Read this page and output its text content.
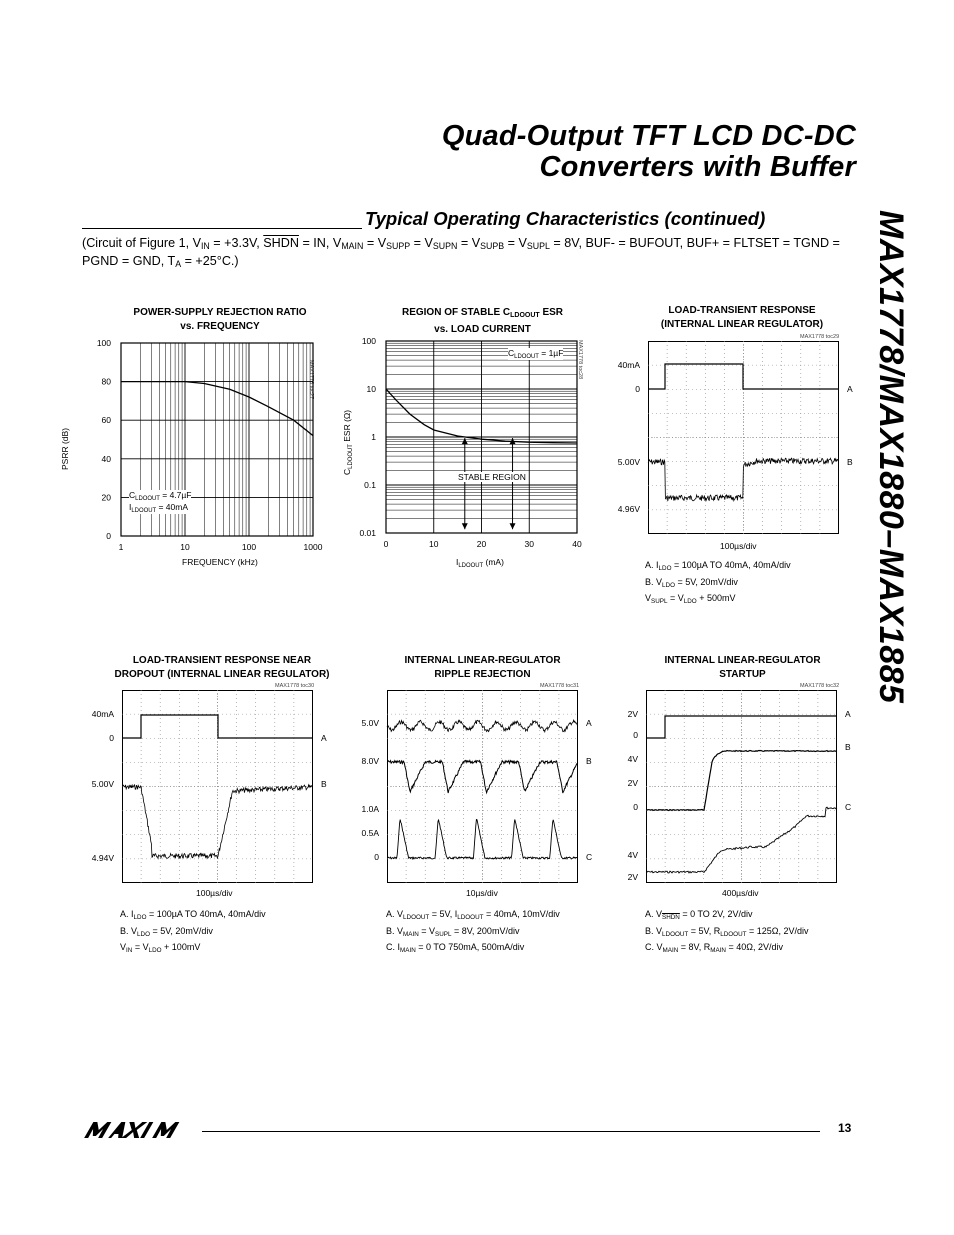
Quad-Output TFT LCD DC-DC
Converters with Buffer
MAX1778/MAX1880–MAX1885
Typical Operating Characteristics (continued)
(Circuit of Figure 1, $V_{IN} = +3.3V$, SHDN = IN, $V_{MAIN} = V_{SUPP} = V_{SUPN} = V_{SUPB} = V_{SUPL} = 8V$, BUF- = BUFOUT, BUF+ = FLTSET = TGND = PGND = GND, $T_A = +25^\circ C$.)
POWER-SUPPLY REJECTION RATIO
vs. FREQUENCY
MAX1778 toc27
1	10	100	1000
0
20
40
60
80
100
PSRR (dB)
FREQUENCY (kHz)
$C_{LDOOUT} = 4.7\mu F$
$I_{LDOOUT} = 40mA$
REGION OF STABLE $C_{LDOOUT}$ ESR
vs. LOAD CURRENT
MAX1778 toc28
0	10	20	30	40
0.01
0.1
1
10
100
$C_{LDOOUT}$ ESR (Ω)
$I_{LDOOUT}$ (mA)
$C_{LDOOUT} = 1\mu F$
STABLE REGION
LOAD-TRANSIENT RESPONSE
(INTERNAL LINEAR REGULATOR)
MAX1778 toc29
40mA
0
5.00V
4.96V
A
B
100µs/div
A. $I_{LDO} = 100\mu A$ TO 40mA, 40mA/div
B. $V_{LDO} = 5V$, 20mV/div
$V_{SUPL} = V_{LDO} + 500mV$
LOAD-TRANSIENT RESPONSE NEAR
DROPOUT (INTERNAL LINEAR REGULATOR)
MAX1778 toc30
40mA
0
5.00V
4.94V
A
B
100µs/div
A. $I_{LDO} = 100\mu A$ TO 40mA, 40mA/div
B. $V_{LDO} = 5V$, 20mV/div
$V_{IN} = V_{LDO} + 100mV$
INTERNAL LINEAR-REGULATOR
RIPPLE REJECTION
MAX1778 toc31
5.0V
8.0V
1.0A
0.5A
0
A
B
C
10µs/div
A. $V_{LDOOUT} = 5V$, $I_{LDOOUT} = 40mA$, 10mV/div
B. $V_{MAIN} = V_{SUPL} = 8V$, 200mV/div
C. $I_{MAIN} = 0$ TO 750mA, 500mA/div
INTERNAL LINEAR-REGULATOR
STARTUP
MAX1778 toc32
2V
0
4V
2V
0
4V
2V
A
B
C
400µs/div
A. $V_{SHDN} = 0$ TO 2V, 2V/div
B. $V_{LDOOUT} = 5V$, $R_{LDOOUT} = 125\Omega$, 2V/div
C. $V_{MAIN} = 8V$, $R_{MAIN} = 40\Omega$, 2V/div
13
